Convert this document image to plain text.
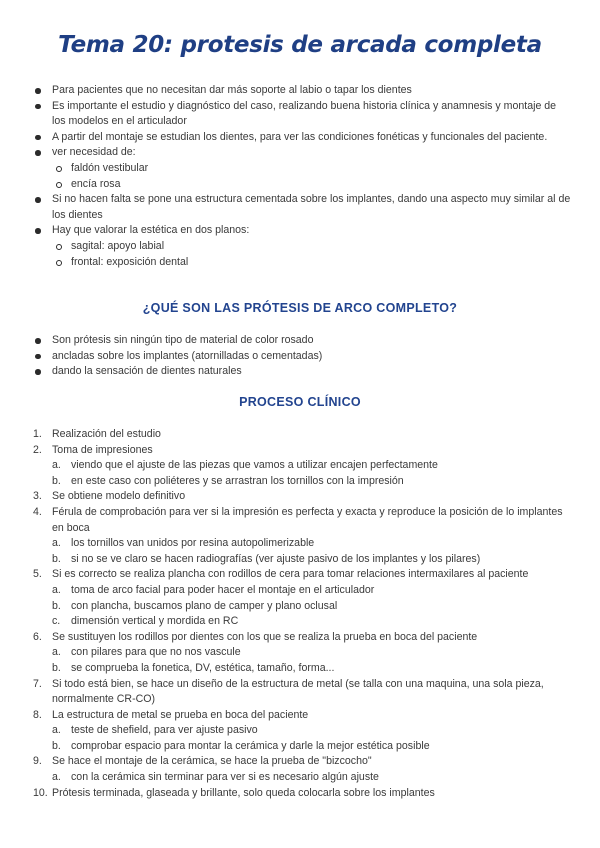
Tema 20: protesis de arcada completa
Para pacientes que no necesitan dar más soporte al labio o tapar los dientes
Es importante el estudio y diagnóstico del caso, realizando buena historia clínica y anamnesis y montaje de los modelos en el articulador
A partir del montaje se estudian los dientes, para ver las condiciones fonéticas y funcionales del paciente.
ver necesidad de:
faldón vestibular
encía rosa
Si no hacen falta se pone una estructura cementada sobre los implantes, dando una aspecto muy similar al de los dientes
Hay que valorar la estética en dos planos:
sagital: apoyo labial
frontal: exposición dental
¿QUÉ SON LAS PRÓTESIS DE ARCO COMPLETO?
Son prótesis sin ningún tipo de material de color rosado
ancladas sobre los implantes (atornilladas o cementadas)
dando la sensación de dientes naturales
PROCESO CLÍNICO
1. Realización del estudio
2. Toma de impresiones
a. viendo que el ajuste de las piezas que vamos a utilizar encajen perfectamente
b. en este caso con poliéteres y se arrastran los tornillos con la impresión
3. Se obtiene modelo definitivo
4. Férula de comprobación para ver si la impresión es perfecta y exacta y reproduce la posición de lo implantes en boca
a. los tornillos van unidos por resina autopolimerizable
b. si no se ve claro se hacen radiografías (ver ajuste pasivo de los implantes y los pilares)
5. Si es correcto se realiza plancha con rodillos de cera para tomar relaciones intermaxilares al paciente
a. toma de arco facial para poder hacer el montaje en el articulador
b. con plancha, buscamos plano de camper y plano oclusal
c. dimensión vertical y mordida en RC
6. Se sustituyen los rodillos por dientes con los que se realiza la prueba en boca del paciente
a. con pilares para que no nos vascule
b. se comprueba la fonetica, DV, estética, tamaño, forma...
7. Si todo está bien, se hace un diseño de la estructura de metal (se talla con una maquina, una sola pieza, normalmente CR-CO)
8. La estructura de metal se prueba en boca del paciente
a. teste de shefield, para ver ajuste pasivo
b. comprobar espacio para montar la cerámica y darle la mejor estética posible
9. Se hace el montaje de la cerámica, se hace la prueba de "bizcocho"
a. con la cerámica sin terminar para ver si es necesario algún ajuste
10. Prótesis terminada, glaseada y brillante, solo queda colocarla sobre los implantes
